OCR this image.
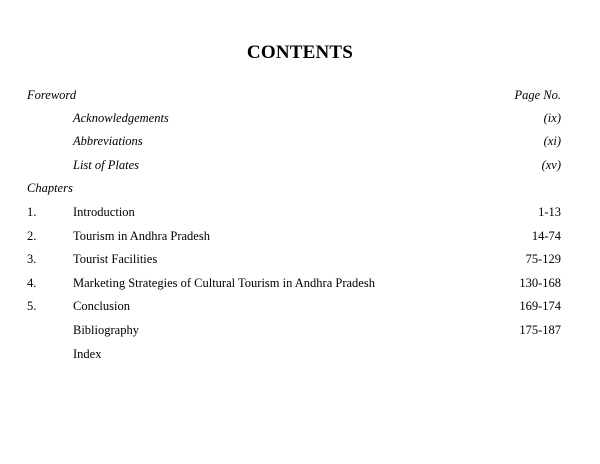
CONTENTS
Foreword	Page No.
Acknowledgements	(ix)
Abbreviations	(xi)
List of Plates	(xv)
Chapters
1.	Introduction	1-13
2.	Tourism in Andhra Pradesh	14-74
3.	Tourist Facilities	75-129
4.	Marketing Strategies of Cultural Tourism in Andhra Pradesh	130-168
5.	Conclusion	169-174
Bibliography	175-187
Index
